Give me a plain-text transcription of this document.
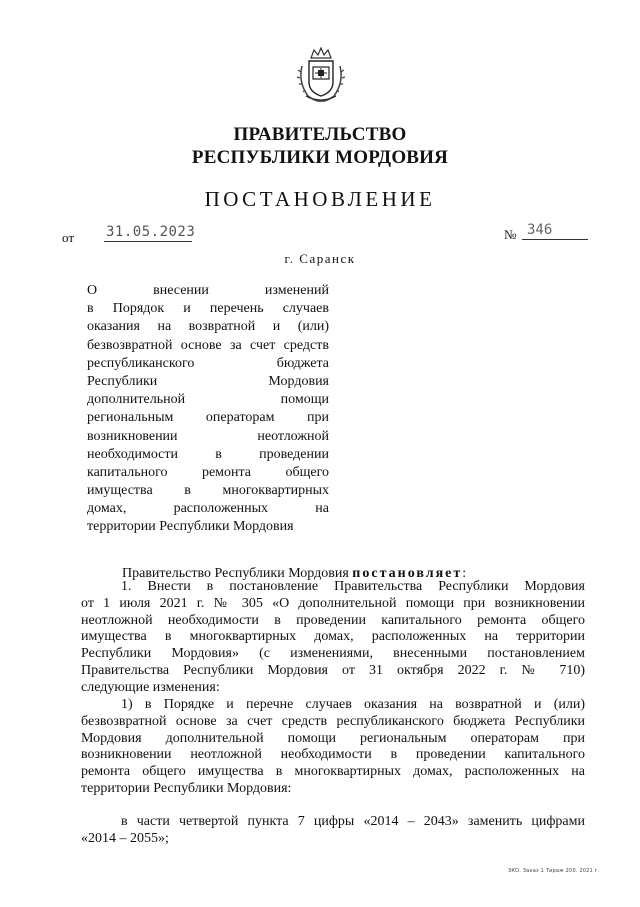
ПРАВИТЕЛЬСТВО
РЕСПУБЛИКИ МОРДОВИЯ
ПОСТАНОВЛЕНИЕ
от 31.05.2023	№ 346
г. Саранск
О внесении изменений
в Порядок и перечень случаев
оказания на возвратной и (или)
безвозвратной основе за счет средств
республиканского бюджета
Республики Мордовия
дополнительной помощи
региональным операторам при
возникновении неотложной
необходимости в проведении
капитального ремонта общего
имущества в многоквартирных
домах, расположенных на
территории Республики Мордовия
Правительство Республики Мордовия постановляет:
1. Внести в постановление Правительства Республики Мордовия
от 1 июля 2021 г. № 305 «О дополнительной помощи при возникновении
неотложной необходимости в проведении капитального ремонта общего
имущества в многоквартирных домах, расположенных на территории
Республики Мордовия» (с изменениями, внесенными постановлением
Правительства Республики Мордовия от 31 октября 2022 г. № 710)
следующие изменения:
1) в Порядке и перечне случаев оказания на возвратной и (или)
безвозвратной основе за счет средств республиканского бюджета Республики
Мордовия дополнительной помощи региональным операторам при
возникновении неотложной необходимости в проведении капитального
ремонта общего имущества в многоквартирных домах, расположенных на
территории Республики Мордовия:
в части четвертой пункта 7 цифры «2014 – 2043» заменить цифрами
«2014 – 2055»;
ЗКО. Заказ 1 Тираж 200. 2021 г.
